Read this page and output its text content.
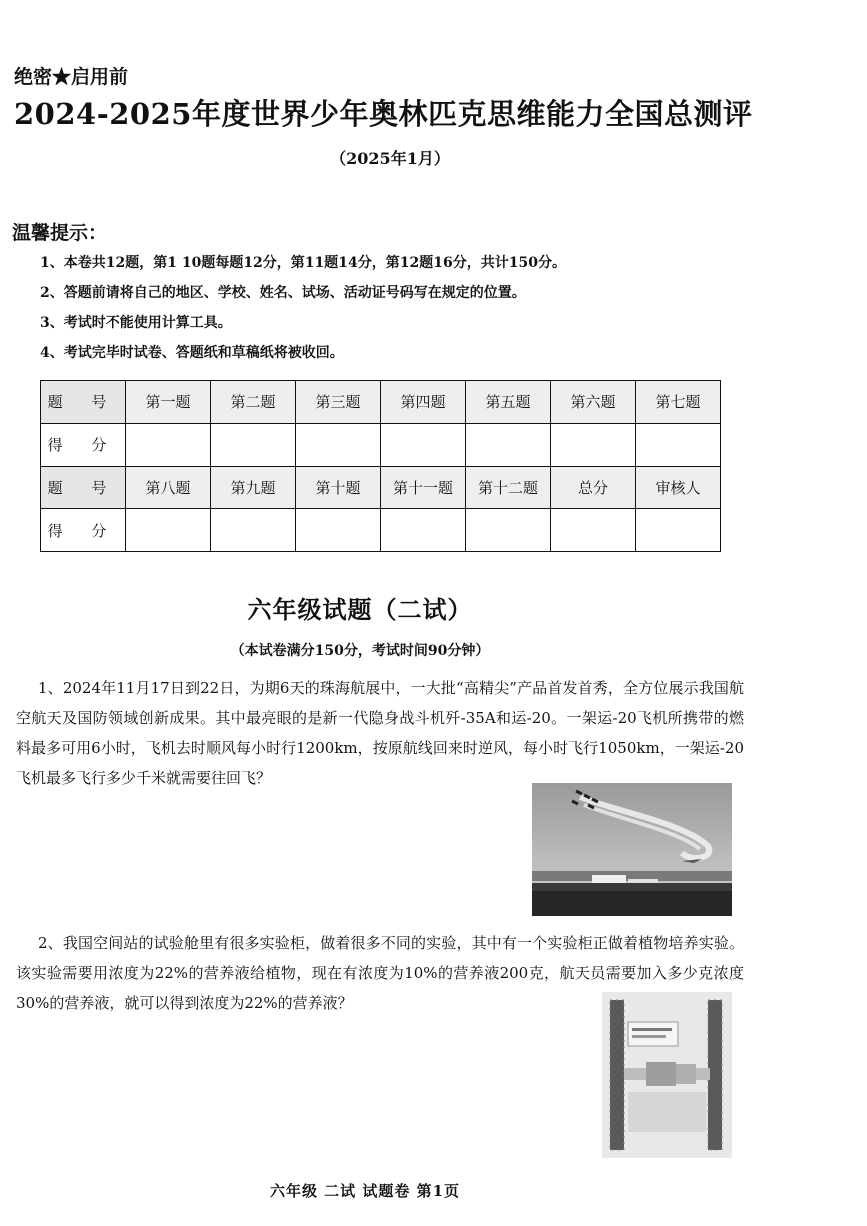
绝密★启用前
2024-2025年度世界少年奥林匹克思维能力全国总测评
（2025年1月）
温馨提示：
1、本卷共12题，第1 10题每题12分，第11题14分，第12题16分，共计150分。
2、答题前请将自己的地区、学校、姓名、试场、活动证号码写在规定的位置。
3、考试时不能使用计算工具。
4、考试完毕时试卷、答题纸和草稿纸将被收回。
题 号	第一题	第二题	第三题	第四题	第五题	第六题	第七题
得 分							
题 号	第八题	第九题	第十题	第十一题	第十二题	总分	审核人
得 分							
六年级试题（二试）
（本试卷满分150分，考试时间90分钟）
1、2024年11月17日到22日，为期6天的珠海航展中，一大批“高精尖”产品首发首秀，全方位展示我国航空航天及国防领域创新成果。其中最亮眼的是新一代隐身战斗机歼-35A和运-20。一架运-20飞机所携带的燃料最多可用6小时，飞机去时顺风每小时行1200km，按原航线回来时逆风，每小时飞行1050km，一架运-20飞机最多飞行多少千米就需要往回飞？
2、我国空间站的试验舱里有很多实验柜，做着很多不同的实验，其中有一个实验柜正做着植物培养实验。该实验需要用浓度为22%的营养液给植物，现在有浓度为10%的营养液200克，航天员需要加入多少克浓度30%的营养液，就可以得到浓度为22%的营养液？
六年级 二试 试题卷 第1页
